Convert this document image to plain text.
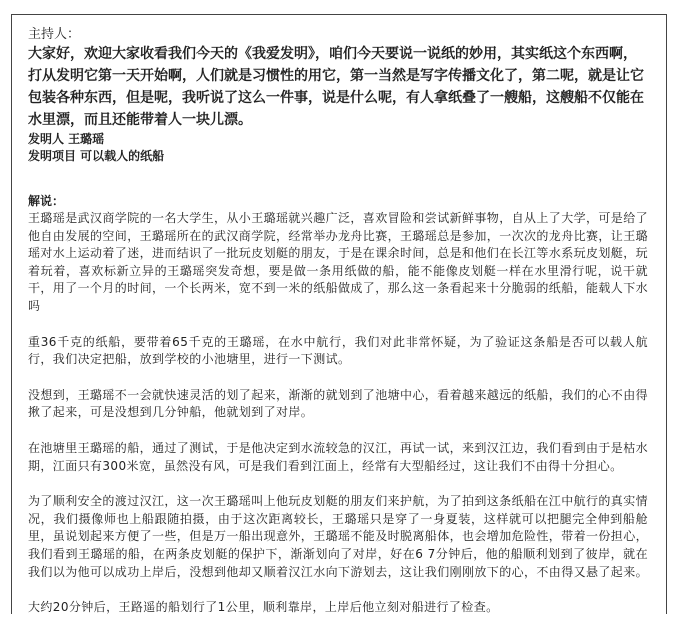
主持人：

大家好，欢迎大家收看我们今天的《我爱发明》，咱们今天要说一说纸的妙用，其实纸这个东西啊，打从发明它第一天开始啊，人们就是习惯性的用它，第一当然是写字传播文化了，第二呢，就是让它包装各种东西，但是呢，我听说了这么一件事，说是什么呢，有人拿纸叠了一艘船，这艘船不仅能在水里漂，而且还能带着人一块儿漂。

发明人 王璐瑶

发明项目 可以载人的纸船

解说：

王璐瑶是武汉商学院的一名大学生，从小王璐瑶就兴趣广泛，喜欢冒险和尝试新鲜事物，自从上了大学，可是给了他自由发展的空间，王璐瑶所在的武汉商学院，经常举办龙舟比赛，王璐瑶总是参加，一次次的龙舟比赛，让王璐瑶对水上运动着了迷，进而结识了一批玩皮划艇的朋友，于是在课余时间，总是和他们在长江等水系玩皮划艇，玩着玩着，喜欢标新立异的王璐瑶突发奇想，要是做一条用纸做的船，能不能像皮划艇一样在水里滑行呢，说干就干，用了一个月的时间，一个长两米，宽不到一米的纸船做成了，那么这一条看起来十分脆弱的纸船，能载人下水吗

重36千克的纸船，要带着65千克的王璐瑶，在水中航行，我们对此非常怀疑，为了验证这条船是否可以载人航行，我们决定把船，放到学校的小池塘里，进行一下测试。

没想到，王璐瑶不一会就快速灵活的划了起来，渐渐的就划到了池塘中心，看着越来越远的纸船，我们的心不由得揪了起来，可是没想到几分钟船，他就划到了对岸。

在池塘里王璐瑶的船，通过了测试，于是他决定到水流较急的汉江，再试一试，来到汉江边，我们看到由于是枯水期，江面只有300米宽，虽然没有风，可是我们看到江面上，经常有大型船经过，这让我们不由得十分担心。

为了顺利安全的渡过汉江，这一次王璐瑶叫上他玩皮划艇的朋友们来护航，为了拍到这条纸船在江中航行的真实情况，我们摄像师也上船跟随拍摄，由于这次距离较长，王璐瑶只是穿了一身夏装，这样就可以把腿完全伸到船舱里，虽说划起来方便了一些，但是万一船出现意外，王璐瑶不能及时脱离船体，也会增加危险性，带着一份担心，我们看到王璐瑶的船，在两条皮划艇的保护下，渐渐划向了对岸，好在6 7分钟后，他的船顺利划到了彼岸，就在我们以为他可以成功上岸后，没想到他却又顺着汉江水向下游划去，这让我们刚刚放下的心，不由得又悬了起来。

大约20分钟后，王路遥的船划行了1公里，顺利靠岸，上岸后他立刻对船进行了检查。
